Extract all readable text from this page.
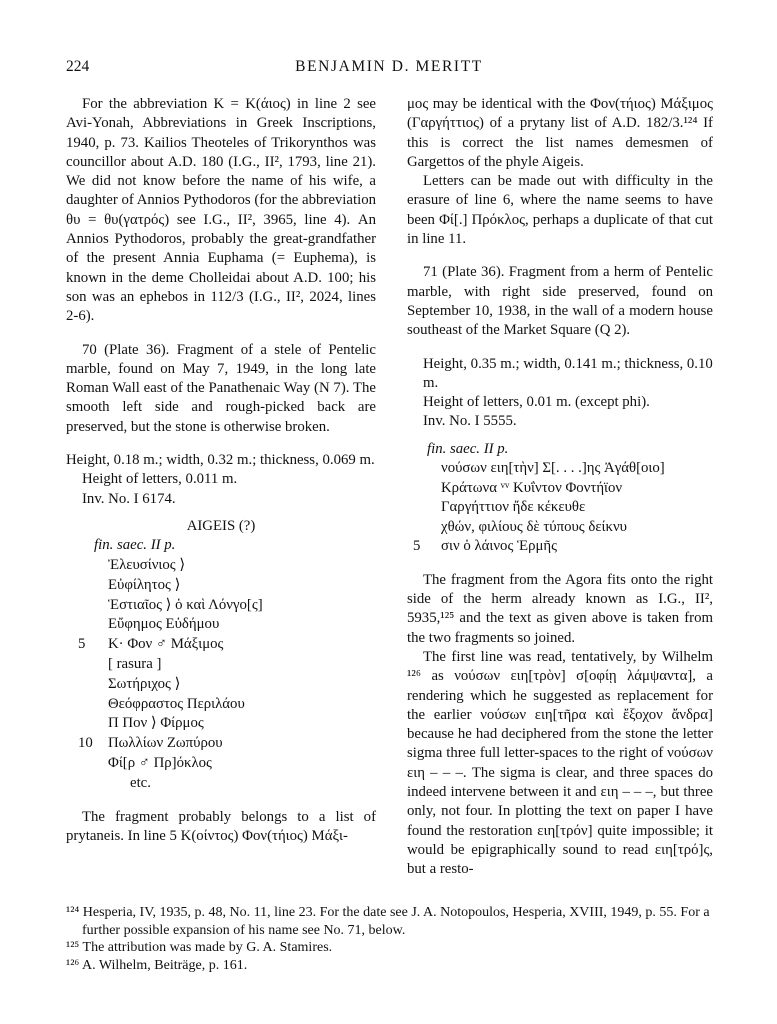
224	BENJAMIN D. MERITT

For the abbreviation Κ = Κ(άιος) in line 2 see Avi-Yonah, Abbreviations in Greek Inscriptions, 1940, p. 73. Kailios Theoteles of Trikorynthos was councillor about A.D. 180 (I.G., II², 1793, line 21). We did not know before the name of his wife, a daughter of Annios Pythodoros (for the abbreviation θυ = θυ(γατρός) see I.G., II², 3965, line 4). An Annios Pythodoros, probably the great-grandfather of the present Annia Euphama (= Euphema), is known in the deme Cholleidai about A.D. 100; his son was an ephebos in 112/3 (I.G., II², 2024, lines 2-6).

70 (Plate 36). Fragment of a stele of Pentelic marble, found on May 7, 1949, in the long late Roman Wall east of the Panathenaic Way (N 7). The smooth left side and rough-picked back are preserved, but the stone is otherwise broken.

Height, 0.18 m.; width, 0.32 m.; thickness, 0.069 m.

Height of letters, 0.011 m.

Inv. No. I 6174.

AIGEIS (?)

fin. saec. II p.
Ἐλευσίνιος ⟩
Εὐφίλητος ⟩
Ἑστιαῖος ⟩ ὁ καὶ Λόνγο[ς]
Εὔφημος Εὐδήμου
5 Κ· Φον ♂ Μάξιμος
[ rasura ]
Σωτήριχος ⟩
Θεόφραστος Περιλάου
Π Πον ⟩ Φίρμος
10 Πωλλίων Ζωπύρου
Φί[ρ ♂ Πρ]όκλος
etc.

The fragment probably belongs to a list of prytaneis. In line 5 Κ(οίντος) Φον(τήιος) Μάξι-

μος may be identical with the Φον(τήιος) Μάξιμος (Γαργήττιος) of a prytany list of A.D. 182/3.¹²⁴ If this is correct the list names demesmen of Gargettos of the phyle Aigeis.

Letters can be made out with difficulty in the erasure of line 6, where the name seems to have been Φί[.] Πρόκλος, perhaps a duplicate of that cut in line 11.

71 (Plate 36). Fragment from a herm of Pentelic marble, with right side preserved, found on September 10, 1938, in the wall of a modern house southeast of the Market Square (Q 2).

Height, 0.35 m.; width, 0.141 m.; thickness, 0.10 m.

Height of letters, 0.01 m. (except phi).

Inv. No. I 5555.

fin. saec. II p.
νούσων ειη[τὴν] Σ[. . . .]ης Ἀγάθ[οιο]
Κράτωνα ᵛᵛ Κυΐντον Φοντήϊον
Γαργήττιον ἤδε κέκευθε
χθών, φιλίους δὲ τύπους δείκνυ
5 σιν ὁ λάινος Ἑρμῆς

The fragment from the Agora fits onto the right side of the herm already known as I.G., II², 5935,¹²⁵ and the text as given above is taken from the two fragments so joined.

The first line was read, tentatively, by Wilhelm ¹²⁶ as νούσων ειη[τρὸν] σ[οφίῃ λάμψαντα], a rendering which he suggested as replacement for the earlier νούσων ειη[τῆρα καὶ ἔξοχον ἄνδρα] because he had deciphered from the stone the letter sigma three full letter-spaces to the right of νούσων ειη – – –. The sigma is clear, and three spaces do indeed intervene between it and ειη – – –, but three only, not four. In plotting the text on paper I have found the restoration ειη[τρόν] quite impossible; it would be epigraphically sound to read ειη[τρό]ς, but a resto-

¹²⁴ Hesperia, IV, 1935, p. 48, No. 11, line 23. For the date see J. A. Notopoulos, Hesperia, XVIII, 1949, p. 55. For a further possible expansion of his name see No. 71, below.

¹²⁵ The attribution was made by G. A. Stamires.

¹²⁶ A. Wilhelm, Beiträge, p. 161.
